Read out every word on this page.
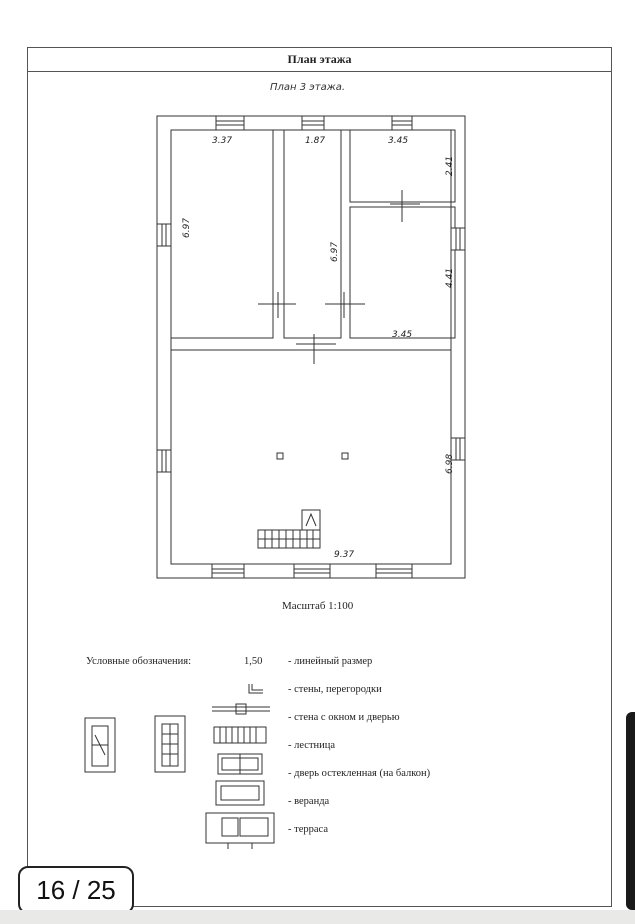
План этажа
План 3 этажа.
3.37	1.87	3.45
3.45
9.37
6.97
6.97
2.41
4.41
6.98
Масштаб 1:100
Условные обозначения:	1,50 - линейный размер
- стены, перегородки
- стена с окном и дверью
- лестница
- дверь остекленная (на балкон)
- веранда
- терраса
16 / 25
